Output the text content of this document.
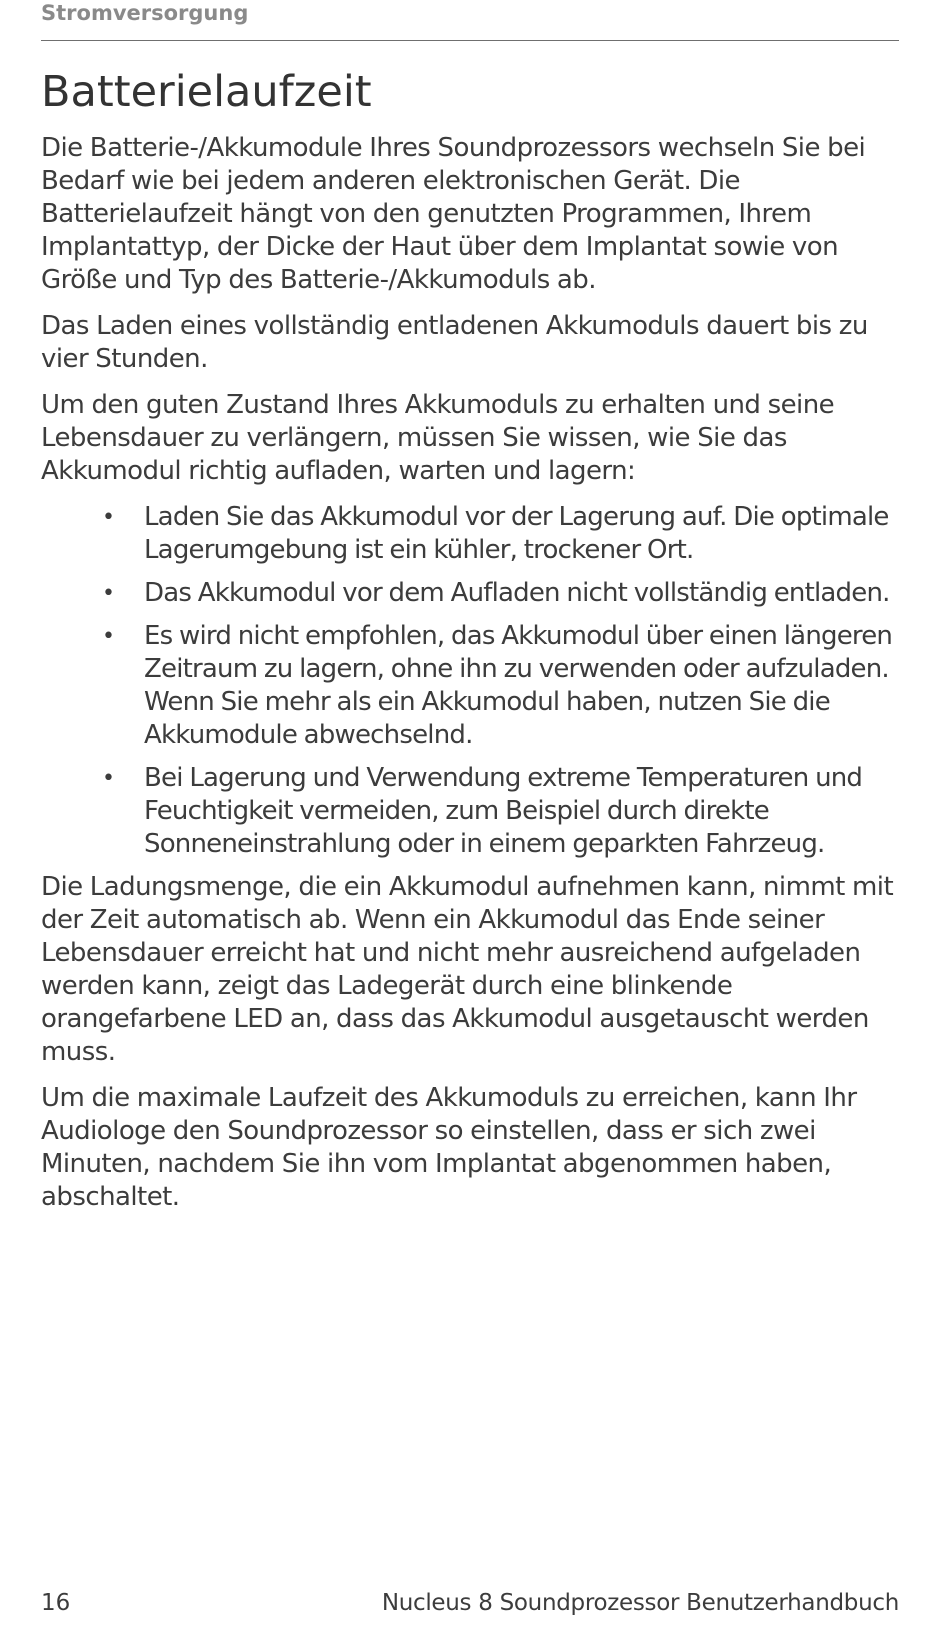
Stromversorgung
Batterielaufzeit

Die Batterie-/Akkumodule Ihres Soundprozessors wechseln Sie bei Bedarf wie bei jedem anderen elektronischen Gerät. Die Batterielaufzeit hängt von den genutzten Programmen, Ihrem Implantattyp, der Dicke der Haut über dem Implantat sowie von Größe und Typ des Batterie-/Akkumoduls ab.

Das Laden eines vollständig entladenen Akkumoduls dauert bis zu vier Stunden.

Um den guten Zustand Ihres Akkumoduls zu erhalten und seine Lebensdauer zu verlängern, müssen Sie wissen, wie Sie das Akkumodul richtig aufladen, warten und lagern:

• Laden Sie das Akkumodul vor der Lagerung auf. Die optimale Lagerumgebung ist ein kühler, trockener Ort.
• Das Akkumodul vor dem Aufladen nicht vollständig entladen.
• Es wird nicht empfohlen, das Akkumodul über einen längeren Zeitraum zu lagern, ohne ihn zu verwenden oder aufzuladen. Wenn Sie mehr als ein Akkumodul haben, nutzen Sie die Akkumodule abwechselnd.
• Bei Lagerung und Verwendung extreme Temperaturen und Feuchtigkeit vermeiden, zum Beispiel durch direkte Sonneneinstrahlung oder in einem geparkten Fahrzeug.

Die Ladungsmenge, die ein Akkumodul aufnehmen kann, nimmt mit der Zeit automatisch ab. Wenn ein Akkumodul das Ende seiner Lebensdauer erreicht hat und nicht mehr ausreichend aufgeladen werden kann, zeigt das Ladegerät durch eine blinkende orangefarbene LED an, dass das Akkumodul ausgetauscht werden muss.

Um die maximale Laufzeit des Akkumoduls zu erreichen, kann Ihr Audiologe den Soundprozessor so einstellen, dass er sich zwei Minuten, nachdem Sie ihn vom Implantat abgenommen haben, abschaltet.

16	Nucleus 8 Soundprozessor Benutzerhandbuch
